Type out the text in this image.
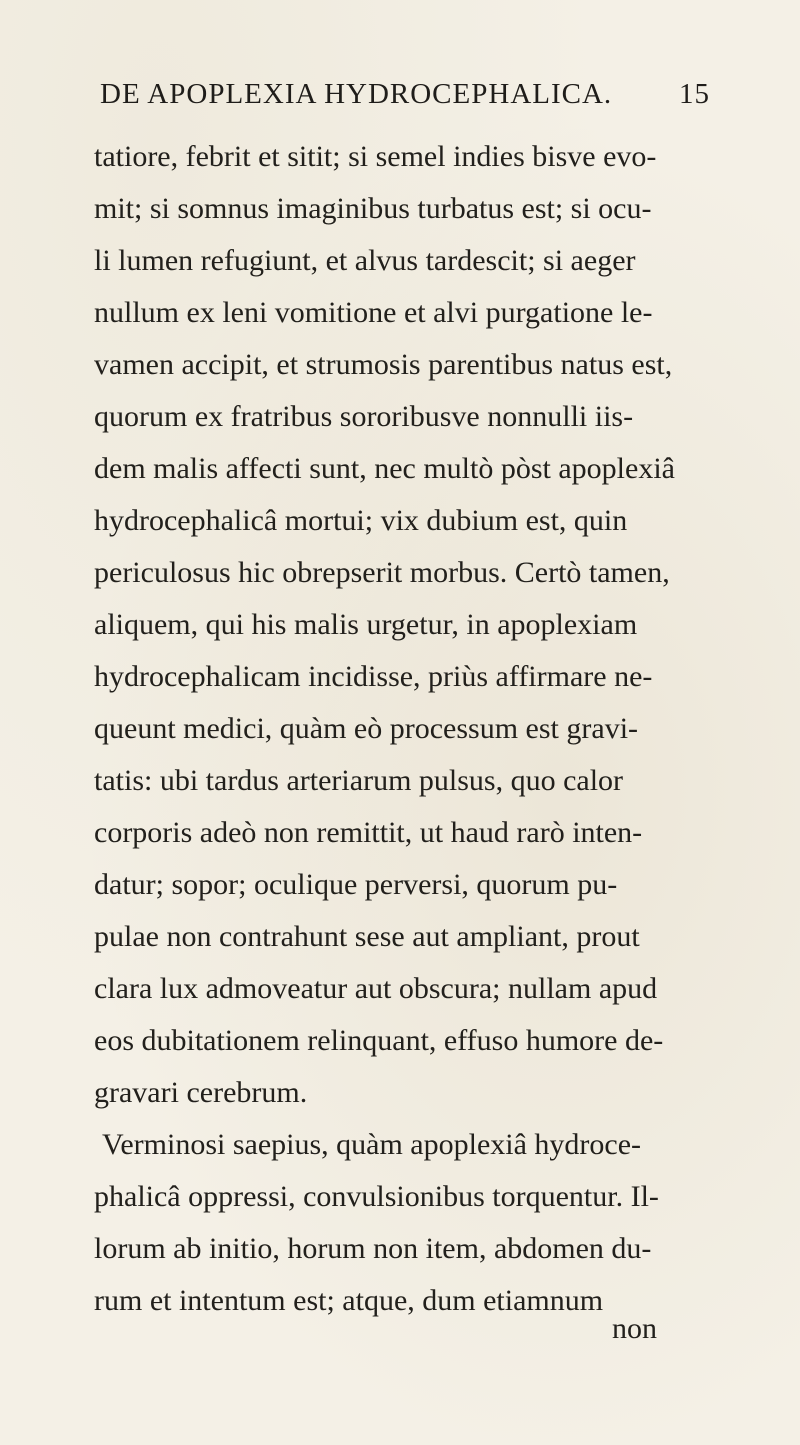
DE APOPLEXIA HYDROCEPHALICA. 15
tatiore, febrit et sitit; si semel indies bisve evo-
mit; si somnus imaginibus turbatus est; si ocu-
li lumen refugiunt, et alvus tardescit; si aeger
nullum ex leni vomitione et alvi purgatione le-
vamen accipit, et strumosis parentibus natus est,
quorum ex fratribus sororibusve nonnulli iis-
dem malis affecti sunt, nec multò pòst apoplexiâ
hydrocephalicâ mortui; vix dubium est, quin
periculosus hic obrepserit morbus. Certò tamen,
aliquem, qui his malis urgetur, in apoplexiam
hydrocephalicam incidisse, priùs affirmare ne-
queunt medici, quàm eò processum est gravi-
tatis: ubi tardus arteriarum pulsus, quo calor
corporis adeò non remittit, ut haud rarò inten-
datur; sopor; oculique perversi, quorum pu-
pulae non contrahunt sese aut ampliant, prout
clara lux admoveatur aut obscura; nullam apud
eos dubitationem relinquant, effuso humore de-
gravari cerebrum.
Verminosi saepius, quàm apoplexiâ hydroce-
phalicâ oppressi, convulsionibus torquentur. Il-
lorum ab initio, horum non item, abdomen du-
rum et intentum est; atque, dum etiamnum
non
